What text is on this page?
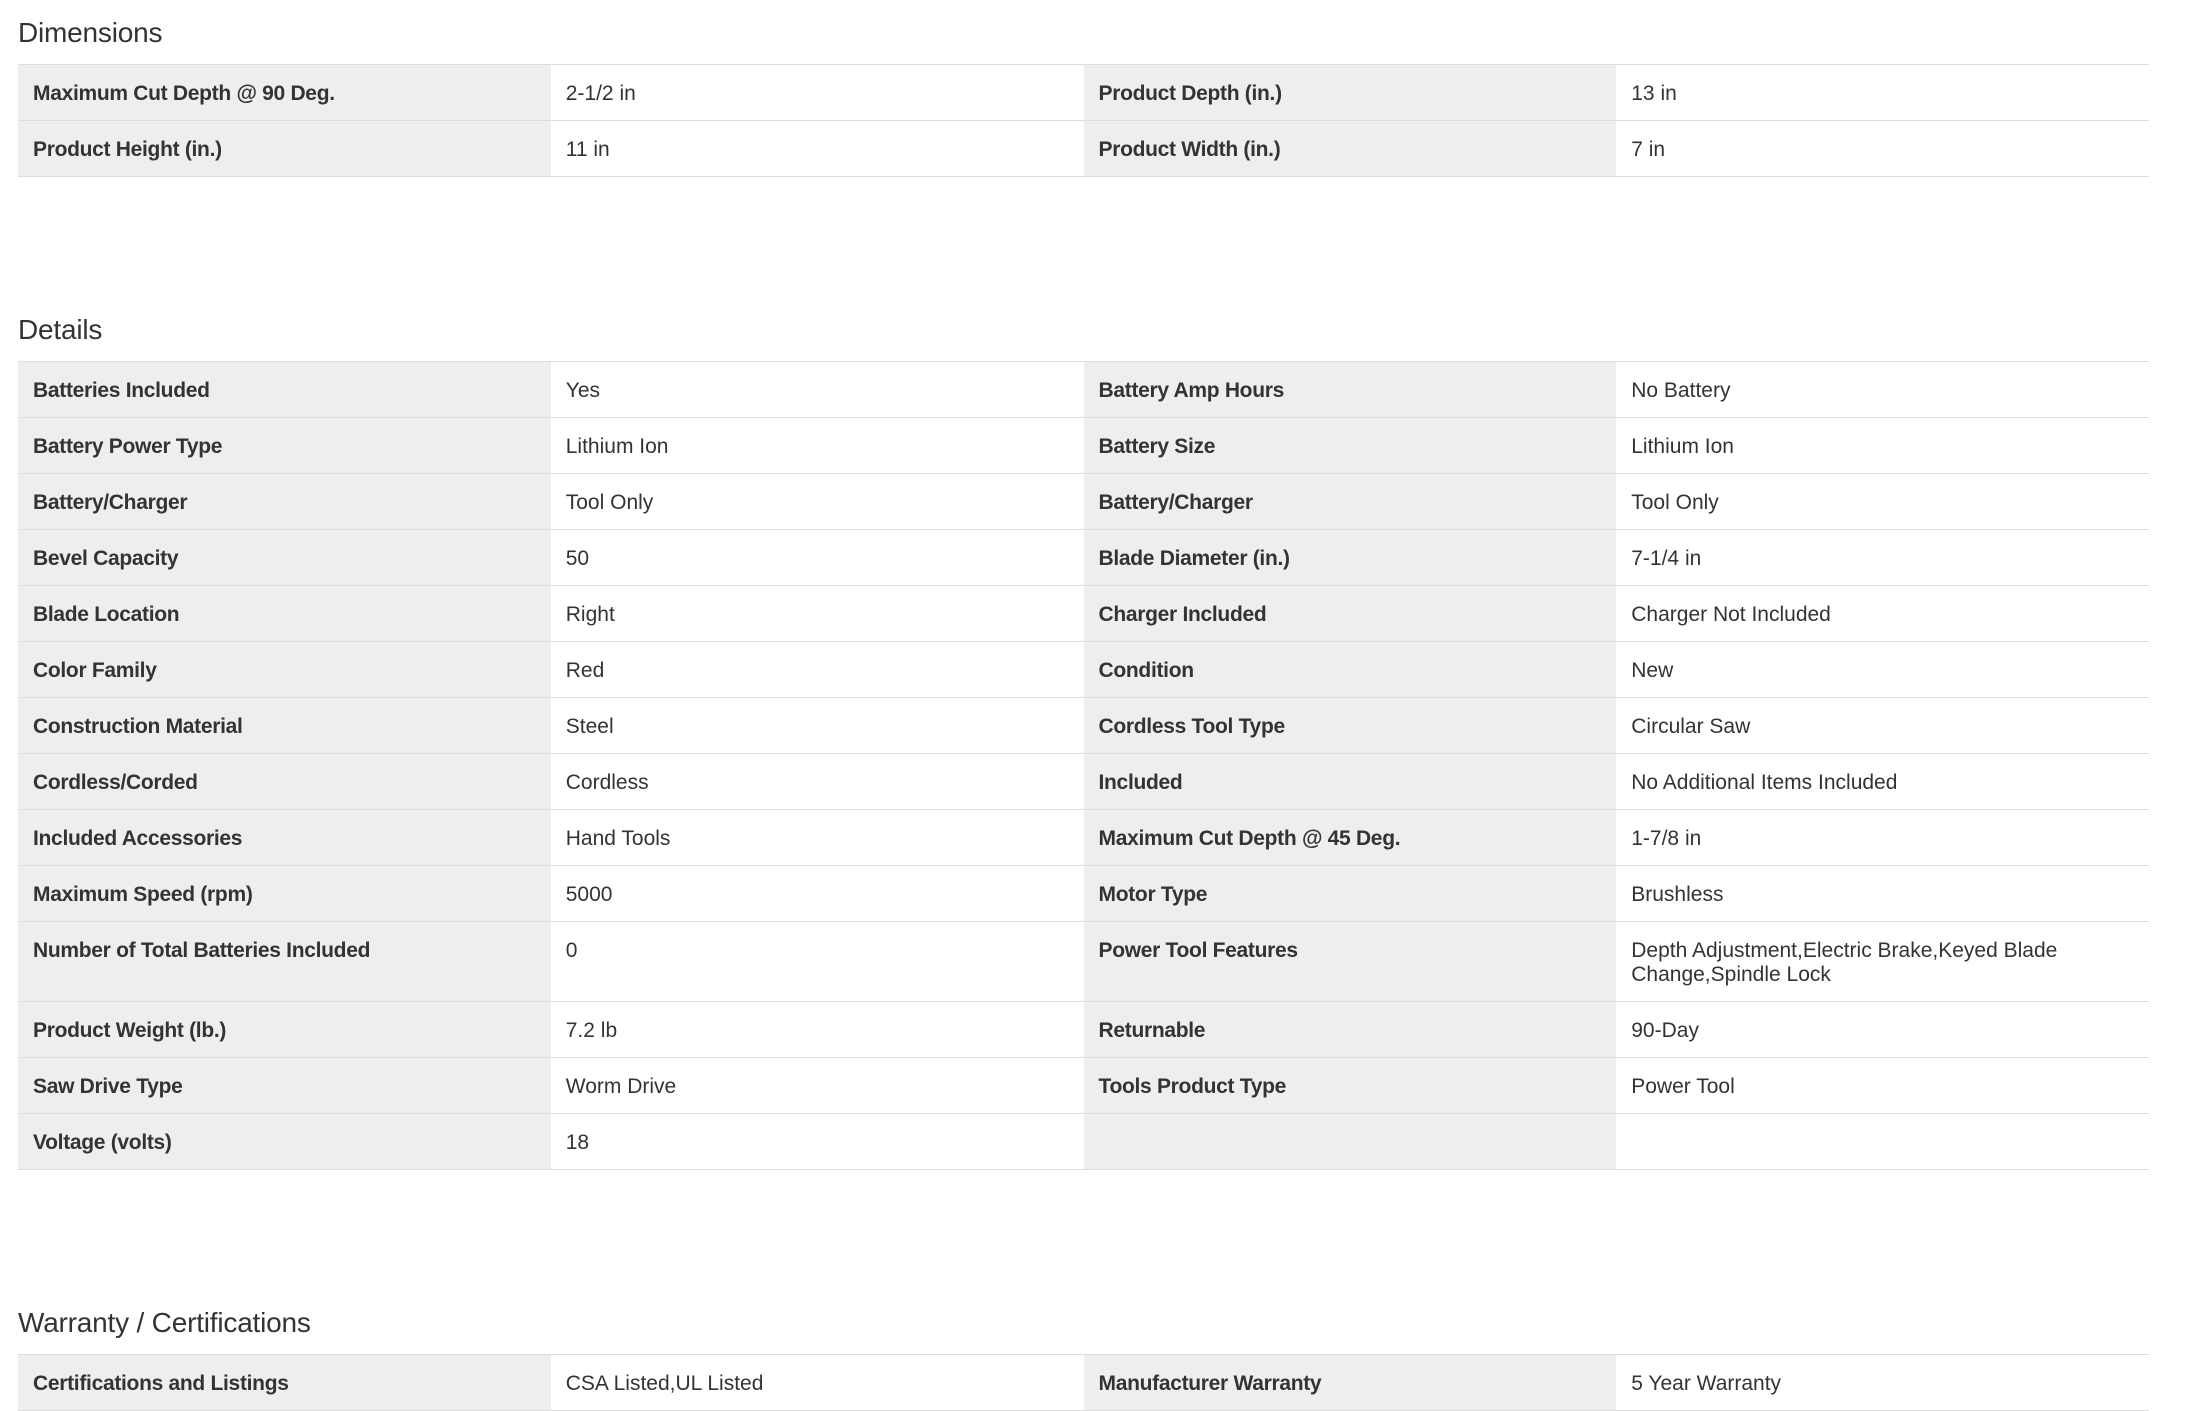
Dimensions
Maximum Cut Depth @ 90 Deg.	2-1/2 in	Product Depth (in.)	13 in
Product Height (in.)	11 in	Product Width (in.)	7 in
Details
Batteries Included	Yes	Battery Amp Hours	No Battery
Battery Power Type	Lithium Ion	Battery Size	Lithium Ion
Battery/Charger	Tool Only	Battery/Charger	Tool Only
Bevel Capacity	50	Blade Diameter (in.)	7-1/4 in
Blade Location	Right	Charger Included	Charger Not Included
Color Family	Red	Condition	New
Construction Material	Steel	Cordless Tool Type	Circular Saw
Cordless/Corded	Cordless	Included	No Additional Items Included
Included Accessories	Hand Tools	Maximum Cut Depth @ 45 Deg.	1-7/8 in
Maximum Speed (rpm)	5000	Motor Type	Brushless
Number of Total Batteries Included	0	Power Tool Features	Depth Adjustment,Electric Brake,Keyed Blade Change,Spindle Lock
Product Weight (lb.)	7.2 lb	Returnable	90-Day
Saw Drive Type	Worm Drive	Tools Product Type	Power Tool
Voltage (volts)	18
Warranty / Certifications
Certifications and Listings	CSA Listed,UL Listed	Manufacturer Warranty	5 Year Warranty
